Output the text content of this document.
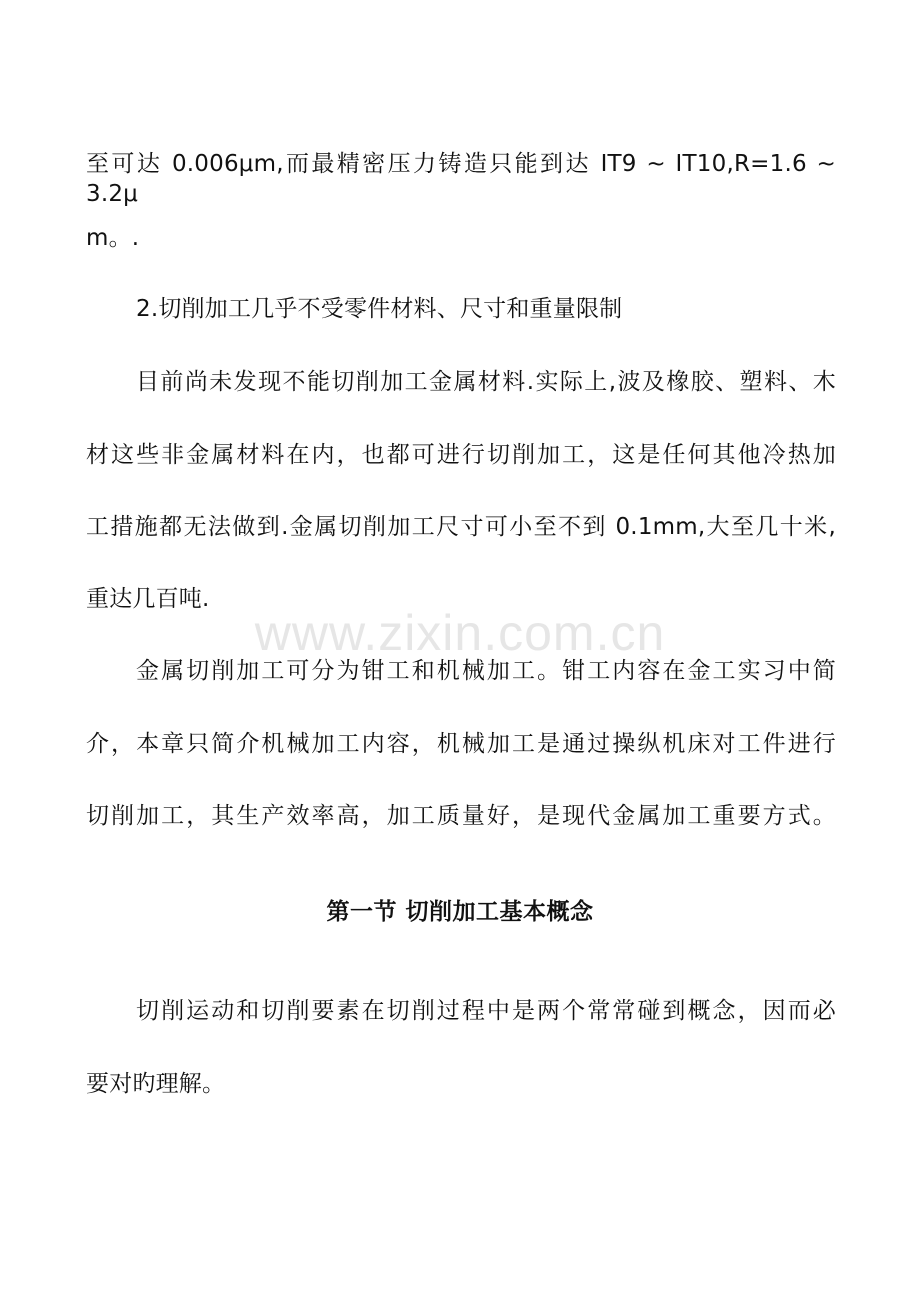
至可达 0.006μm,而最精密压力铸造只能到达 IT9 ~ IT10,R=1.6 ~ 3.2μ
m。.
2.切削加工几乎不受零件材料、尺寸和重量限制
目前尚未发现不能切削加工金属材料.实际上,波及橡胶、塑料、木
材这些非金属材料在内，也都可进行切削加工，这是任何其他冷热加
工措施都无法做到.金属切削加工尺寸可小至不到 0.1mm,大至几十米,
重达几百吨.
www.zixin.com.cn
金属切削加工可分为钳工和机械加工。钳工内容在金工实习中简
介，本章只简介机械加工内容，机械加工是通过操纵机床对工件进行
切削加工，其生产效率高，加工质量好，是现代金属加工重要方式。
第一节 切削加工基本概念
切削运动和切削要素在切削过程中是两个常常碰到概念，因而必
要对旳理解。
